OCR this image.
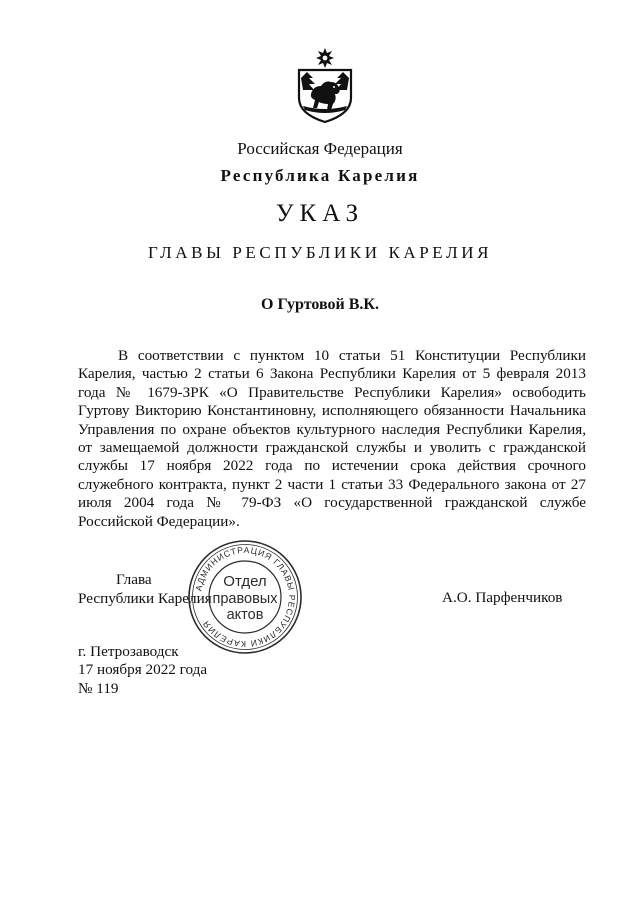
Российская Федерация
Республика Карелия
УКАЗ
ГЛАВЫ РЕСПУБЛИКИ КАРЕЛИЯ
О Гуртовой В.К.

В соответствии с пунктом 10 статьи 51 Конституции Республики Карелия, частью 2 статьи 6 Закона Республики Карелия от 5 февраля 2013 года № 1679-ЗРК «О Правительстве Республики Карелия» освободить Гуртову Викторию Константиновну, исполняющего обязанности Начальника Управления по охране объектов культурного наследия Республики Карелия, от замещаемой должности гражданской службы и уволить с гражданской службы 17 ноября 2022 года по истечении срока действия срочного служебного контракта, пункт 2 части 1 статьи 33 Федерального закона от 27 июля 2004 года № 79-ФЗ «О государственной гражданской службе Российской Федерации».

Глава
Республики Карелия	А.О. Парфенчиков
АДМИНИСТРАЦИЯ ГЛАВЫ РЕСПУБЛИКИ КАРЕЛИЯ
Отдел
правовых
актов
г. Петрозаводск
17 ноября 2022 года
№ 119
